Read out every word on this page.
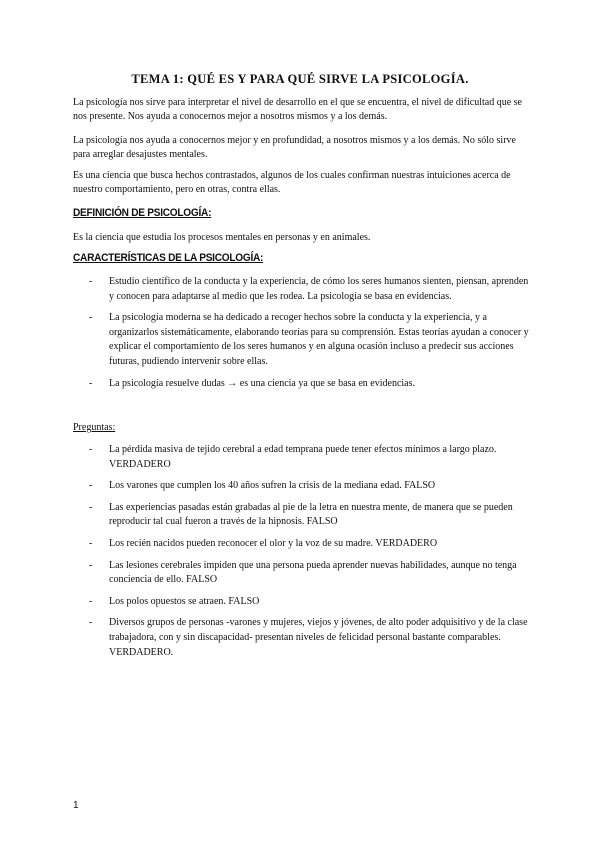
TEMA 1: QUÉ ES Y PARA QUÉ SIRVE LA PSICOLOGÍA.

La psicología nos sirve para interpretar el nivel de desarrollo en el que se encuentra, el nivel de dificultad que se nos presente. Nos ayuda a conocernos mejor a nosotros mismos y a los demás.

La psicología nos ayuda a conocernos mejor y en profundidad, a nosotros mismos y a los demás. No sólo sirve para arreglar desajustes mentales.

Es una ciencia que busca hechos contrastados, algunos de los cuales confirman nuestras intuiciones acerca de nuestro comportamiento, pero en otras, contra ellas.

DEFINICIÓN DE PSICOLOGÍA:

Es la ciencia que estudia los procesos mentales en personas y en animales.

CARACTERÍSTICAS DE LA PSICOLOGÍA:
- Estudio científico de la conducta y la experiencia, de cómo los seres humanos sienten, piensan, aprenden y conocen para adaptarse al medio que les rodea. La psicología se basa en evidencias.
- La psicología moderna se ha dedicado a recoger hechos sobre la conducta y la experiencia, y a organizarlos sistemáticamente, elaborando teorías para su comprensión. Estas teorías ayudan a conocer y explicar el comportamiento de los seres humanos y en alguna ocasión incluso a predecir sus acciones futuras, pudiendo intervenir sobre ellas.
- La psicología resuelve dudas → es una ciencia ya que se basa en evidencias.
Preguntas:
- La pérdida masiva de tejido cerebral a edad temprana puede tener efectos mínimos a largo plazo. VERDADERO
- Los varones que cumplen los 40 años sufren la crisis de la mediana edad. FALSO
- Las experiencias pasadas están grabadas al pie de la letra en nuestra mente, de manera que se pueden reproducir tal cual fueron a través de la hipnosis. FALSO
- Los recién nacidos pueden reconocer el olor y la voz de su madre. VERDADERO
- Las lesiones cerebrales impiden que una persona pueda aprender nuevas habilidades, aunque no tenga conciencia de ello. FALSO
- Los polos opuestos se atraen. FALSO
- Diversos grupos de personas -varones y mujeres, viejos y jóvenes, de alto poder adquisitivo y de la clase trabajadora, con y sin discapacidad- presentan niveles de felicidad personal bastante comparables. VERDADERO.
1
